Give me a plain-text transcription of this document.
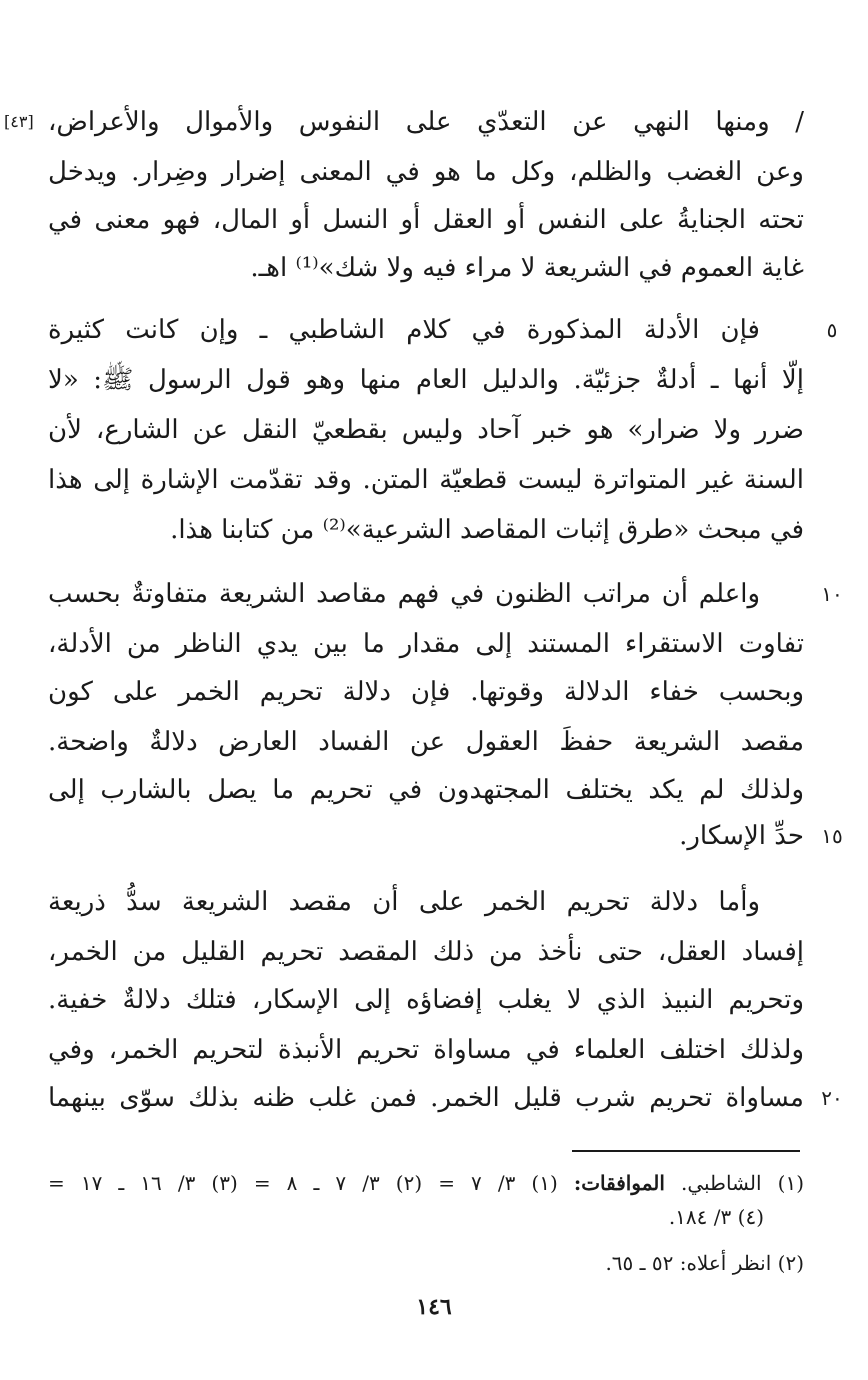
[٤٣] / ومنها النهي عن التعدّي على النفوس والأموال والأعراض،
وعن الغضب والظلم، وكل ما هو في المعنى إضرار وضِرار. ويدخل
تحته الجنايةُ على النفس أو العقل أو النسل أو المال، فهو معنى في
غاية العموم في الشريعة لا مراء فيه ولا شك»⁽¹⁾ اهـ.
٥
فإن الأدلة المذكورة في كلام الشاطبي ـ وإن كانت كثيرة
إلّا أنها ـ أدلةٌ جزئيّة. والدليل العام منها وهو قول الرسول ﷺ: «لا
ضرر ولا ضرار» هو خبر آحاد وليس بقطعيّ النقل عن الشارع، لأن
السنة غير المتواترة ليست قطعيّة المتن. وقد تقدّمت الإشارة إلى هذا
في مبحث «طرق إثبات المقاصد الشرعية»⁽²⁾ من كتابنا هذا.
١٠
واعلم أن مراتب الظنون في فهم مقاصد الشريعة متفاوتةٌ بحسب
تفاوت الاستقراء المستند إلى مقدار ما بين يدي الناظر من الأدلة،
وبحسب خفاء الدلالة وقوتها. فإن دلالة تحريم الخمر على كون
مقصد الشريعة حفظَ العقول عن الفساد العارض دلالةٌ واضحة.
ولذلك لم يكد يختلف المجتهدون في تحريم ما يصل بالشارب إلى
١٥
حدِّ الإسكار.
وأما دلالة تحريم الخمر على أن مقصد الشريعة سدُّ ذريعة
إفساد العقل، حتى نأخذ من ذلك المقصد تحريم القليل من الخمر،
وتحريم النبيذ الذي لا يغلب إفضاؤه إلى الإسكار، فتلك دلالةٌ خفية.
ولذلك اختلف العلماء في مساواة تحريم الأنبذة لتحريم الخمر، وفي
٢٠
مساواة تحريم شرب قليل الخمر. فمن غلب ظنه بذلك سوّى بينهما
(١) الشاطبي. الموافقات: (١) ٣/ ٧ = (٢) ٣/ ٧ ـ ٨ = (٣) ٣/ ١٦ ـ ١٧ =
(٤) ٣/ ١٨٤.
(٢) انظر أعلاه: ٥٢ ـ ٦٥.
١٤٦
